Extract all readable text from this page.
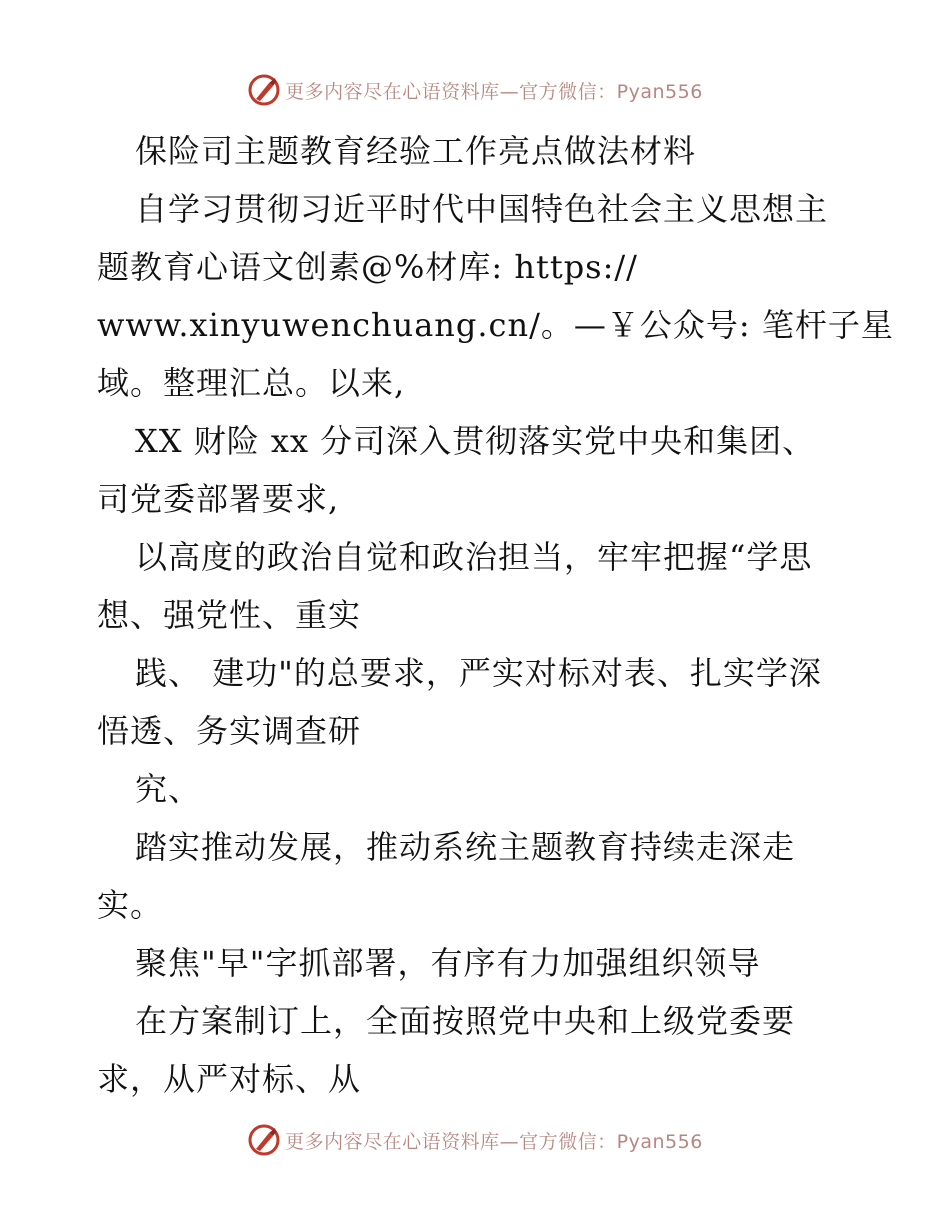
更多内容尽在心语资料库—官方微信：Pyan556
保险司主题教育经验工作亮点做法材料
自学习贯彻习近平时代中国特色社会主义思想主
题教育心语文创素@%材库: https://
www.xinyuwenchuang.cn/。—￥公众号: 笔杆子星
域。整理汇总。以来,
XX 财险 xx 分司深入贯彻落实党中央和集团、
司党委部署要求,
以高度的政治自觉和政治担当，牢牢把握“学思
想、强党性、重实
践、 建功"的总要求，严实对标对表、扎实学深
悟透、务实调查研
究、
踏实推动发展，推动系统主题教育持续走深走
实。
聚焦"早"字抓部署，有序有力加强组织领导
在方案制订上，全面按照党中央和上级党委要
求，从严对标、从
更多内容尽在心语资料库—官方微信：Pyan556
